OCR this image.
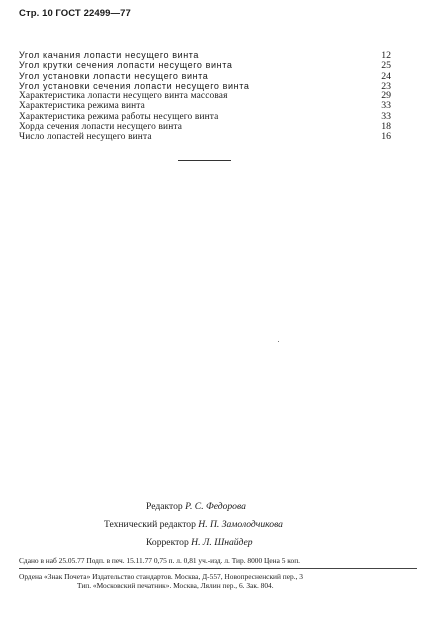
Стр. 10 ГОСТ 22499—77
Угол качания лопасти несущего винта	12
Угол крутки сечения лопасти несущего винта	25
Угол установки лопасти несущего винта	24
Угол установки сечения лопасти несущего винта	23
Характеристика лопасти несущего винта массовая	29
Характеристика режима винта	33
Характеристика режима работы несущего винта	33
Хорда сечения лопасти несущего винта	18
Число лопастей несущего винта	16
Редактор Р. С. Федорова
Технический редактор Н. П. Замолодчикова
Корректор Н. Л. Шнайдер
Сдано в наб 25.05.77 Подп. в печ. 15.11.77 0,75 п. л. 0,81 уч.-изд. л. Тир. 8000 Цена 5 коп.
Ордена «Знак Почета» Издательство стандартов. Москва, Д-557, Новопресненский пер., 3
Тип. «Московский печатник». Москва, Лялин пер., 6. Зак. 804.
